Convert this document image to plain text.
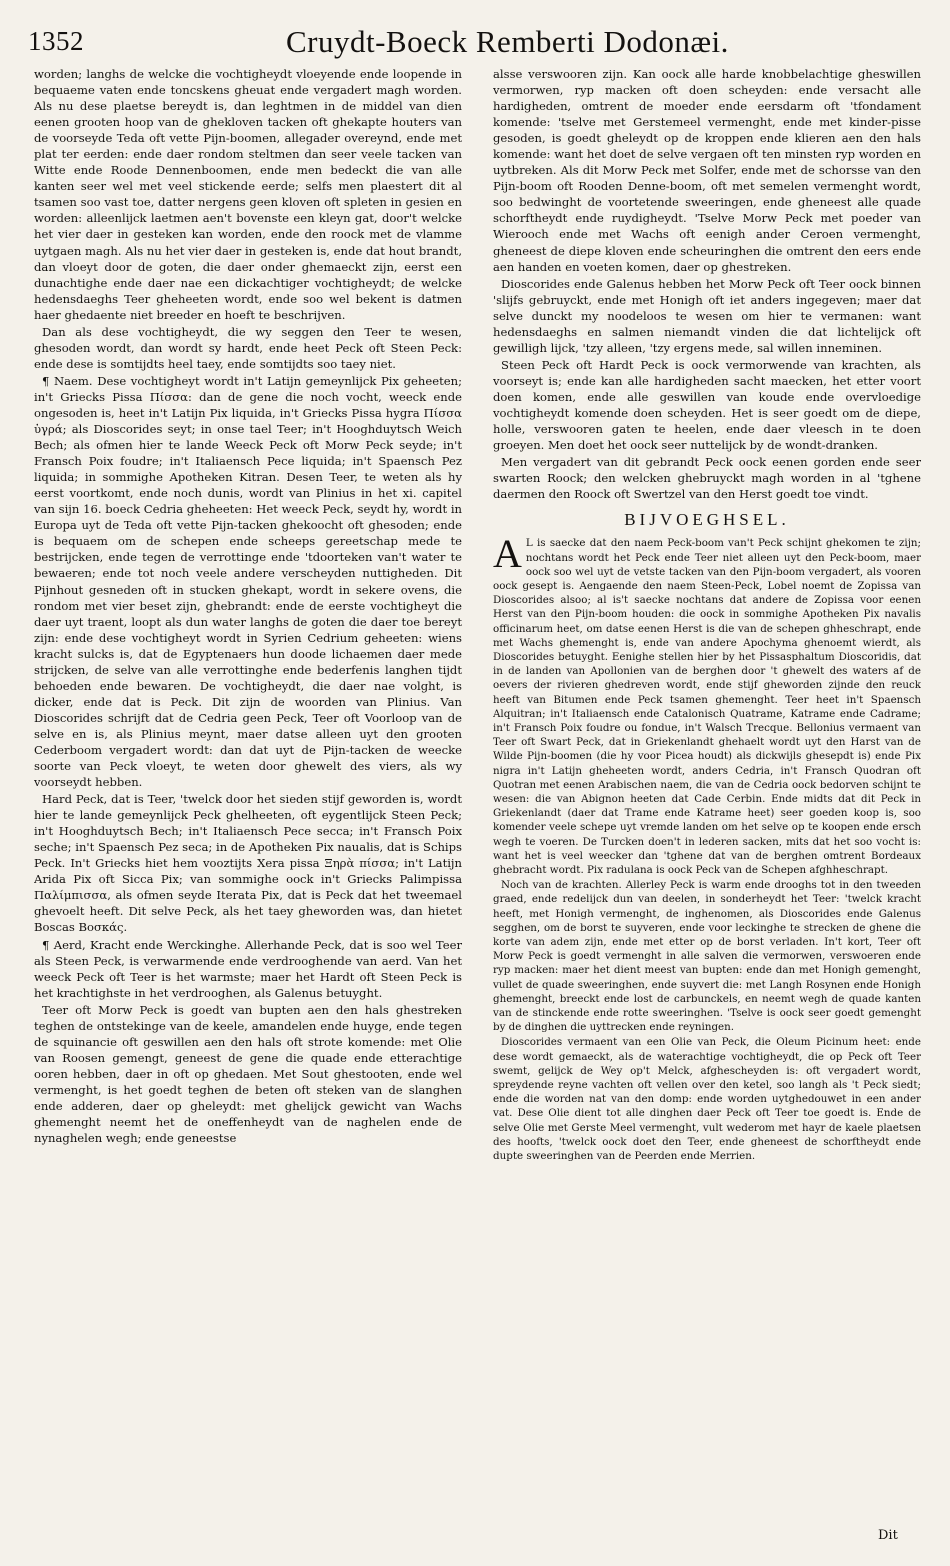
1352	Cruydt-Boeck Remberti Dodonæi.

worden; langhs de welcke die vochtigheydt vloeyende ende loopende in bequaeme vaten ende toncskens gheuat ende vergadert magh worden. Als nu dese plaetse bereydt is, dan leghtmen in de middel van dien eenen grooten hoop van de ghekloven tacken oft ghekapte houters van de voorseyde Teda oft vette Pijn-boomen, allegader overeynd, ende met plat ter eerden: ende daer rondom steltmen dan seer veele tacken van Witte ende Roode Dennenboomen, ende men bedeckt die van alle kanten seer wel met veel stickende eerde; selfs men plaestert dit al tsamen soo vast toe, datter nergens geen kloven oft spleten in gesien en worden: alleenlijck laetmen aen't bovenste een kleyn gat, door't welcke het vier daer in gesteken kan worden, ende den roock met de vlamme uytgaen magh. Als nu het vier daer in gesteken is, ende dat hout brandt, dan vloeyt door de goten, die daer onder ghemaeckt zijn, eerst een dunachtighe ende daer nae een dickachtiger vochtigheydt; de welcke hedensdaeghs Teer gheheeten wordt, ende soo wel bekent is datmen haer ghedaente niet breeder en hoeft te beschrijven.

Dan als dese vochtigheydt, die wy seggen den Teer te wesen, ghesoden wordt, dan wordt sy hardt, ende heet Peck oft Steen Peck: ende dese is somtijdts heel taey, ende somtijdts soo taey niet.

¶ Naem. Dese vochtigheyt wordt in't Latijn gemeynlijck Pix geheeten; in't Griecks Pissa Πίσσα: dan de gene die noch vocht, weeck ende ongesoden is, heet in't Latijn Pix liquida, in't Griecks Pissa hygra Πίσσα ὑγρά; als Dioscorides seyt; in onse tael Teer; in't Hooghduytsch Weich Bech; als ofmen hier te lande Weeck Peck oft Morw Peck seyde; in't Fransch Poix foudre; in't Italiaensch Pece liquida; in't Spaensch Pez liquida; in sommighe Apotheken Kitran. Desen Teer, te weten als hy eerst voortkomt, ende noch dunis, wordt van Plinius in het xi. capitel van sijn 16. boeck Cedria gheheeten: Het weeck Peck, seydt hy, wordt in Europa uyt de Teda oft vette Pijn-tacken ghekoocht oft ghesoden; ende is bequaem om de schepen ende scheeps gereetschap mede te bestrijcken, ende tegen de verrottinge ende 'tdoorteken van't water te bewaeren; ende tot noch veele andere verscheyden nuttigheden. Dit Pijnhout gesneden oft in stucken ghekapt, wordt in sekere ovens, die rondom met vier beset zijn, ghebrandt: ende de eerste vochtigheyt die daer uyt traent, loopt als dun water langhs de goten die daer toe bereyt zijn: ende dese vochtigheyt wordt in Syrien Cedrium geheeten: wiens kracht sulcks is, dat de Egyptenaers hun doode lichaemen daer mede strijcken, de selve van alle verrottinghe ende bederfenis langhen tijdt behoeden ende bewaren. De vochtigheydt, die daer nae volght, is dicker, ende dat is Peck. Dit zijn de woorden van Plinius. Van Dioscorides schrijft dat de Cedria geen Peck, Teer oft Voorloop van de selve en is, als Plinius meynt, maer datse alleen uyt den grooten Cederboom vergadert wordt: dan dat uyt de Pijn-tacken de weecke soorte van Peck vloeyt, te weten door ghewelt des viers, als wy voorseydt hebben.

Hard Peck, dat is Teer, 'twelck door het sieden stijf geworden is, wordt hier te lande gemeynlijck Peck ghelheeten, oft eygentlijck Steen Peck; in't Hooghduytsch Bech; in't Italiaensch Pece secca; in't Fransch Poix seche; in't Spaensch Pez seca; in de Apotheken Pix naualis, dat is Schips Peck. In't Griecks hiet hem vooztijts Xera pissa Ξηρὰ πίσσα; in't Latijn Arida Pix oft Sicca Pix; van sommighe oock in't Griecks Palimpissa Παλίμπισσα, als ofmen seyde Iterata Pix, dat is Peck dat het tweemael ghevoelt heeft. Dit selve Peck, als het taey gheworden was, dan hietet Boscas Βοσκάς.

¶ Aerd, Kracht ende Werckinghe. Allerhande Peck, dat is soo wel Teer als Steen Peck, is verwarmende ende verdrooghende van aerd. Van het weeck Peck oft Teer is het warmste; maer het Hardt oft Steen Peck is het krachtighste in het verdrooghen, als Galenus betuyght.

Teer oft Morw Peck is goedt van bupten aen den hals ghestreken teghen de ontstekinge van de keele, amandelen ende huyge, ende tegen de squinancie oft geswillen aen den hals oft strote komende: met Olie van Roosen gemengt, geneest de gene die quade ende etterachtige ooren hebben, daer in oft op ghedaen. Met Sout ghestooten, ende wel vermenght, is het goedt teghen de beten oft steken van de slanghen ende adderen, daer op gheleydt: met ghelijck gewicht van Wachs ghemenght neemt het de oneffenheydt van de naghelen ende de nynaghelen wegh; ende geneestse

alsse verswooren zijn. Kan oock alle harde knobbelachtige gheswillen vermorwen, ryp macken oft doen scheyden: ende versacht alle hardigheden, omtrent de moeder ende eersdarm oft 'tfondament komende: 'tselve met Gerstemeel vermenght, ende met kinder-pisse gesoden, is goedt gheleydt op de kroppen ende klieren aen den hals komende: want het doet de selve vergaen oft ten minsten ryp worden en uytbreken. Als dit Morw Peck met Solfer, ende met de schorsse van den Pijn-boom oft Rooden Denne-boom, oft met semelen vermenght wordt, soo bedwinght de voortetende sweeringen, ende gheneest alle quade schorftheydt ende ruydigheydt. 'Tselve Morw Peck met poeder van Wierooch ende met Wachs oft eenigh ander Ceroen vermenght, gheneest de diepe kloven ende scheuringhen die omtrent den eers ende aen handen en voeten komen, daer op ghestreken.

Dioscorides ende Galenus hebben het Morw Peck oft Teer oock binnen 'slijfs gebruyckt, ende met Honigh oft iet anders ingegeven; maer dat selve dunckt my noodeloos te wesen om hier te vermanen: want hedensdaeghs en salmen niemandt vinden die dat lichtelijck oft gewilligh lijck, 'tzy alleen, 'tzy ergens mede, sal willen inneminen.

Steen Peck oft Hardt Peck is oock vermorwende van krachten, als voorseyt is; ende kan alle hardigheden sacht maecken, het etter voort doen komen, ende alle geswillen van koude ende overvloedige vochtigheydt komende doen scheyden. Het is seer goedt om de diepe, holle, verswooren gaten te heelen, ende daer vleesch in te doen groeyen. Men doet het oock seer nuttelijck by de wondt-dranken.

Men vergadert van dit gebrandt Peck oock eenen gorden ende seer swarten Roock; den welcken ghebruyckt magh worden in al 'tghene daermen den Roock oft Swertzel van den Herst goedt toe vindt.

BIJVOEGHSEL.

A L is saecke dat den naem Peck-boom van't Peck schijnt ghekomen te zijn; nochtans wordt het Peck ende Teer niet alleen uyt den Peck-boom, maer oock soo wel uyt de vetste tacken van den Pijn-boom vergadert, als vooren oock gesept is. Aengaende den naem Steen-Peck, Lobel noemt de Zopissa van Dioscorides alsoo; al is't saecke nochtans dat andere de Zopissa voor eenen Herst van den Pijn-boom houden: die oock in sommighe Apotheken Pix navalis officinarum heet, om datse eenen Herst is die van de schepen ghheschrapt, ende met Wachs ghemenght is, ende van andere Apochyma ghenoemt wierdt, als Dioscorides betuyght. Eenighe stellen hier by het Pissasphaltum Dioscoridis, dat in de landen van Apollonien van de berghen door 't ghewelt des waters af de oevers der rivieren ghedreven wordt, ende stijf gheworden zijnde den reuck heeft van Bitumen ende Peck tsamen ghemenght. Teer heet in't Spaensch Alquitran; in't Italiaensch ende Catalonisch Quatrame, Katrame ende Cadrame; in't Fransch Poix foudre ou fondue, in't Walsch Trecque. Bellonius vermaent van Teer oft Swart Peck, dat in Griekenlandt ghehaelt wordt uyt den Harst van de Wilde Pijn-boomen (die hy voor Picea houdt) als dickwijls ghesepdt is) ende Pix nigra in't Latijn gheheeten wordt, anders Cedria, in't Fransch Quodran oft Quotran met eenen Arabischen naem, die van de Cedria oock bedorven schijnt te wesen: die van Abignon heeten dat Cade Cerbin. Ende midts dat dit Peck in Griekenlandt (daer dat Trame ende Katrame heet) seer goeden koop is, soo komender veele schepe uyt vremde landen om het selve op te koopen ende ersch wegh te voeren. De Turcken doen't in lederen sacken, mits dat het soo vocht is: want het is veel weecker dan 'tghene dat van de berghen omtrent Bordeaux ghebracht wordt. Pix radulana is oock Peck van de Schepen afghheschrapt.

Noch van de krachten. Allerley Peck is warm ende drooghs tot in den tweeden graed, ende redelijck dun van deelen, in sonderheydt het Teer: 'twelck kracht heeft, met Honigh vermenght, de inghenomen, als Dioscorides ende Galenus segghen, om de borst te suyveren, ende voor leckinghe te strecken de ghene die korte van adem zijn, ende met etter op de borst verladen. In't kort, Teer oft Morw Peck is goedt vermenght in alle salven die vermorwen, verswoeren ende ryp macken: maer het dient meest van bupten: ende dan met Honigh gemenght, vullet de quade sweeringhen, ende suyvert die: met Langh Rosynen ende Honigh ghemenght, breeckt ende lost de carbunckels, en neemt wegh de quade kanten van de stinckende ende rotte sweeringhen. 'Tselve is oock seer goedt gemenght by de dinghen die uyttrecken ende reyningen.

Dioscorides vermaent van een Olie van Peck, die Oleum Picinum heet: ende dese wordt gemaeckt, als de waterachtige vochtigheydt, die op Peck oft Teer swemt, gelijck de Wey op't Melck, afghescheyden is: oft vergadert wordt, spreydende reyne vachten oft vellen over den ketel, soo langh als 't Peck siedt; ende die worden nat van den domp: ende worden uytghedouwet in een ander vat. Dese Olie dient tot alle dinghen daer Peck oft Teer toe goedt is. Ende de selve Olie met Gerste Meel vermenght, vult wederom met hayr de kaele plaetsen des hoofts, 'twelck oock doet den Teer, ende gheneest de schorftheydt ende dupte sweeringhen van de Peerden ende Merrien.

Dit
